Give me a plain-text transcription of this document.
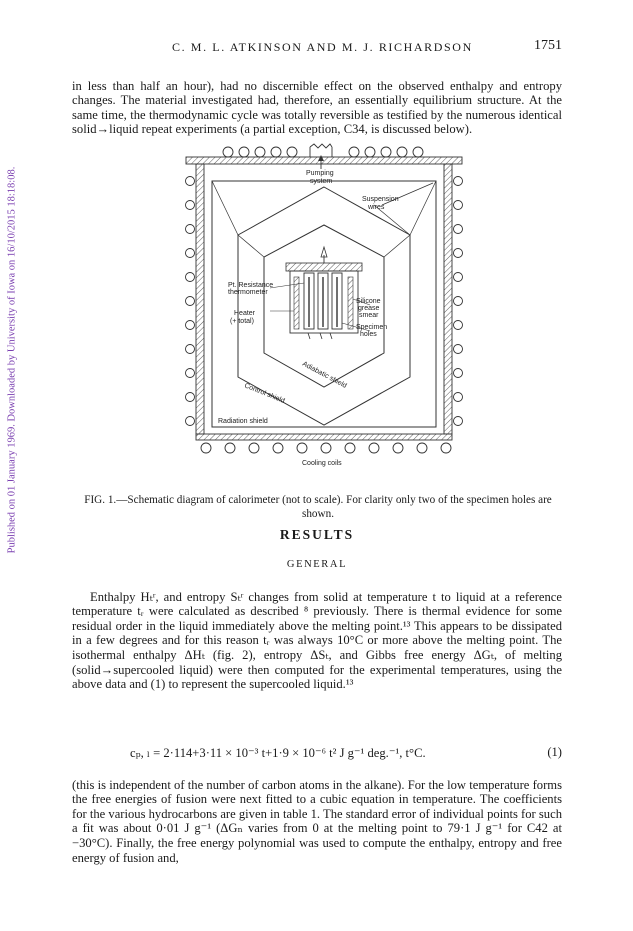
Published on 01 January 1969. Downloaded by University of Iowa on 16/10/2015 18:18:08.
C. M. L. ATKINSON AND M. J. RICHARDSON	1751

in less than half an hour), had no discernible effect on the observed enthalpy and entropy changes. The material investigated had, therefore, an essentially equilibrium structure. At the same time, the thermodynamic cycle was totally reversible as testified by the numerous identical solid→liquid repeat experiments (a partial exception, C34, is discussed below).

Pumping
system
Suspension
wires
Pt. Resistance
thermometer
Heater
(+ total)
Silicone
grease
smear
Specimen
holes
Adiabatic shield
Control shield
Radiation shield
Cooling coils

FIG. 1.—Schematic diagram of calorimeter (not to scale). For clarity only two of the specimen holes are shown.

RESULTS
GENERAL

Enthalpy Hₜʳ, and entropy Sₜʳ changes from solid at temperature t to liquid at a reference temperature tᵣ were calculated as described ⁸ previously. There is thermal evidence for some residual order in the liquid immediately above the melting point.¹³ This appears to be dissipated in a few degrees and for this reason tᵣ was always 10°C or more above the melting point. The isothermal enthalpy ΔHₜ (fig. 2), entropy ΔSₜ, and Gibbs free energy ΔGₜ, of melting (solid→supercooled liquid) were then computed for the experimental temperatures, using the above data and (1) to represent the supercooled liquid.¹³

cₚ, ₗ = 2·114+3·11 × 10⁻³ t+1·9 × 10⁻⁶ t² J g⁻¹ deg.⁻¹, t°C.	(1)

(this is independent of the number of carbon atoms in the alkane). For the low temperature forms the free energies of fusion were next fitted to a cubic equation in temperature. The coefficients for the various hydrocarbons are given in table 1. The standard error of individual points for such a fit was about 0·01 J g⁻¹ (ΔGₙ varies from 0 at the melting point to 79·1 J g⁻¹ for C42 at −30°C). Finally, the free energy polynomial was used to compute the enthalpy, entropy and free energy of fusion and,
